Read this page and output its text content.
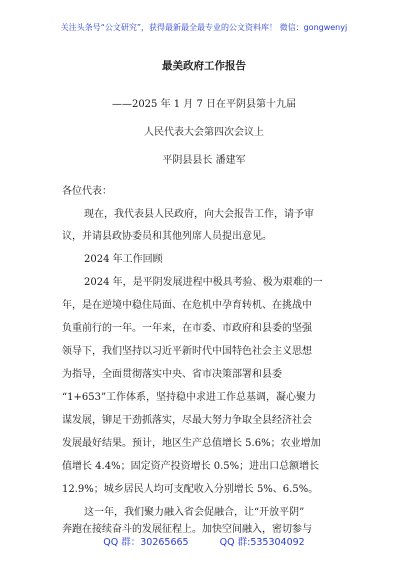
关注头条号“公文研究”，获得最新最全最专业的公文资料库！ 微信：gongwenyj
最美政府工作报告
——2025 年 1 月 7 日在平阴县第十九届
人民代表大会第四次会议上
平阴县县长 潘建军
各位代表：
现在，我代表县人民政府，向大会报告工作，请予审
议，并请县政协委员和其他列席人员提出意见。
2024 年工作回顾
2024 年，是平阴发展进程中极具考验、极为艰难的一
年，是在逆境中稳住局面、在危机中孕育转机、在挑战中
负重前行的一年。一年来，在市委、市政府和县委的坚强
领导下，我们坚持以习近平新时代中国特色社会主义思想
为指导，全面贯彻落实中央、省市决策部署和县委
“1+653”工作体系，坚持稳中求进工作总基调，凝心聚力
谋发展，铆足干劲抓落实，尽最大努力争取全县经济社会
发展最好结果。预计，地区生产总值增长 5.6%；农业增加
值增长 4.4%；固定资产投资增长 0.5%；进出口总额增长
12.9%；城乡居民人均可支配收入分别增长 5%、6.5%。
这一年，我们聚力融入省会促融合，让“开放平阴”
奔跑在接续奋斗的发展征程上。加快空间融入，密切参与
QQ 群：30265665	QQ 群:535304092
